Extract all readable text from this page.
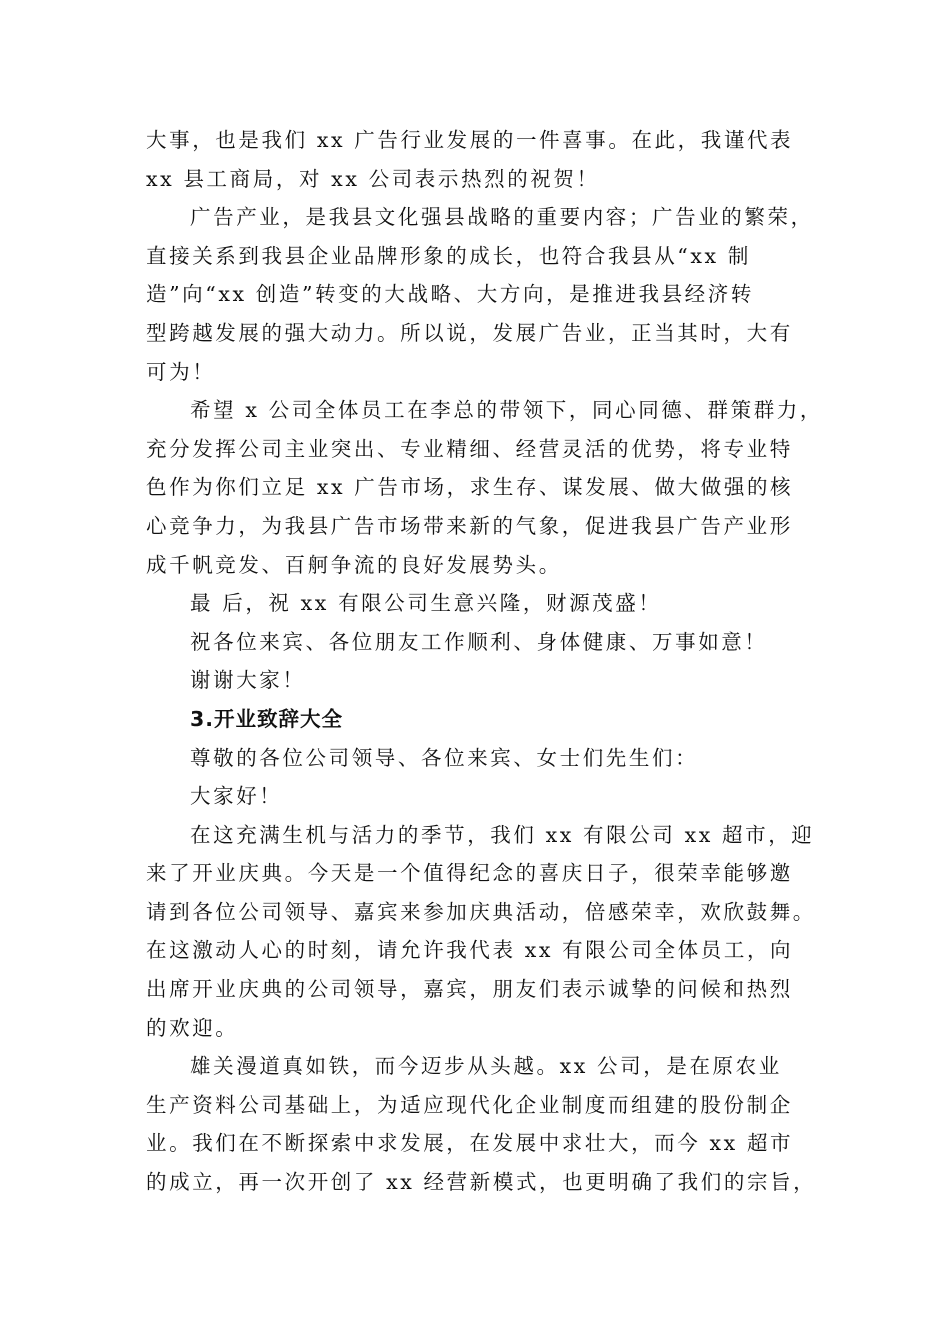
大事，也是我们 xx 广告行业发展的一件喜事。在此，我谨代表
xx 县工商局，对 xx 公司表示热烈的祝贺！
广告产业，是我县文化强县战略的重要内容；广告业的繁荣，
直接关系到我县企业品牌形象的成长，也符合我县从“xx 制
造”向“xx 创造”转变的大战略、大方向，是推进我县经济转
型跨越发展的强大动力。所以说，发展广告业，正当其时，大有
可为！
希望 x 公司全体员工在李总的带领下，同心同德、群策群力，
充分发挥公司主业突出、专业精细、经营灵活的优势，将专业特
色作为你们立足 xx 广告市场，求生存、谋发展、做大做强的核
心竞争力，为我县广告市场带来新的气象，促进我县广告产业形
成千帆竞发、百舸争流的良好发展势头。
最 后，祝 xx 有限公司生意兴隆，财源茂盛！
祝各位来宾、各位朋友工作顺利、身体健康、万事如意！
谢谢大家！
3.开业致辞大全
尊敬的各位公司领导、各位来宾、女士们先生们：
大家好！
在这充满生机与活力的季节，我们 xx 有限公司 xx 超市，迎
来了开业庆典。今天是一个值得纪念的喜庆日子，很荣幸能够邀
请到各位公司领导、嘉宾来参加庆典活动，倍感荣幸，欢欣鼓舞。
在这激动人心的时刻，请允许我代表 xx 有限公司全体员工，向
出席开业庆典的公司领导，嘉宾，朋友们表示诚挚的问候和热烈
的欢迎。
雄关漫道真如铁，而今迈步从头越。xx 公司，是在原农业
生产资料公司基础上，为适应现代化企业制度而组建的股份制企
业。我们在不断探索中求发展，在发展中求壮大，而今 xx 超市
的成立，再一次开创了 xx 经营新模式，也更明确了我们的宗旨，
